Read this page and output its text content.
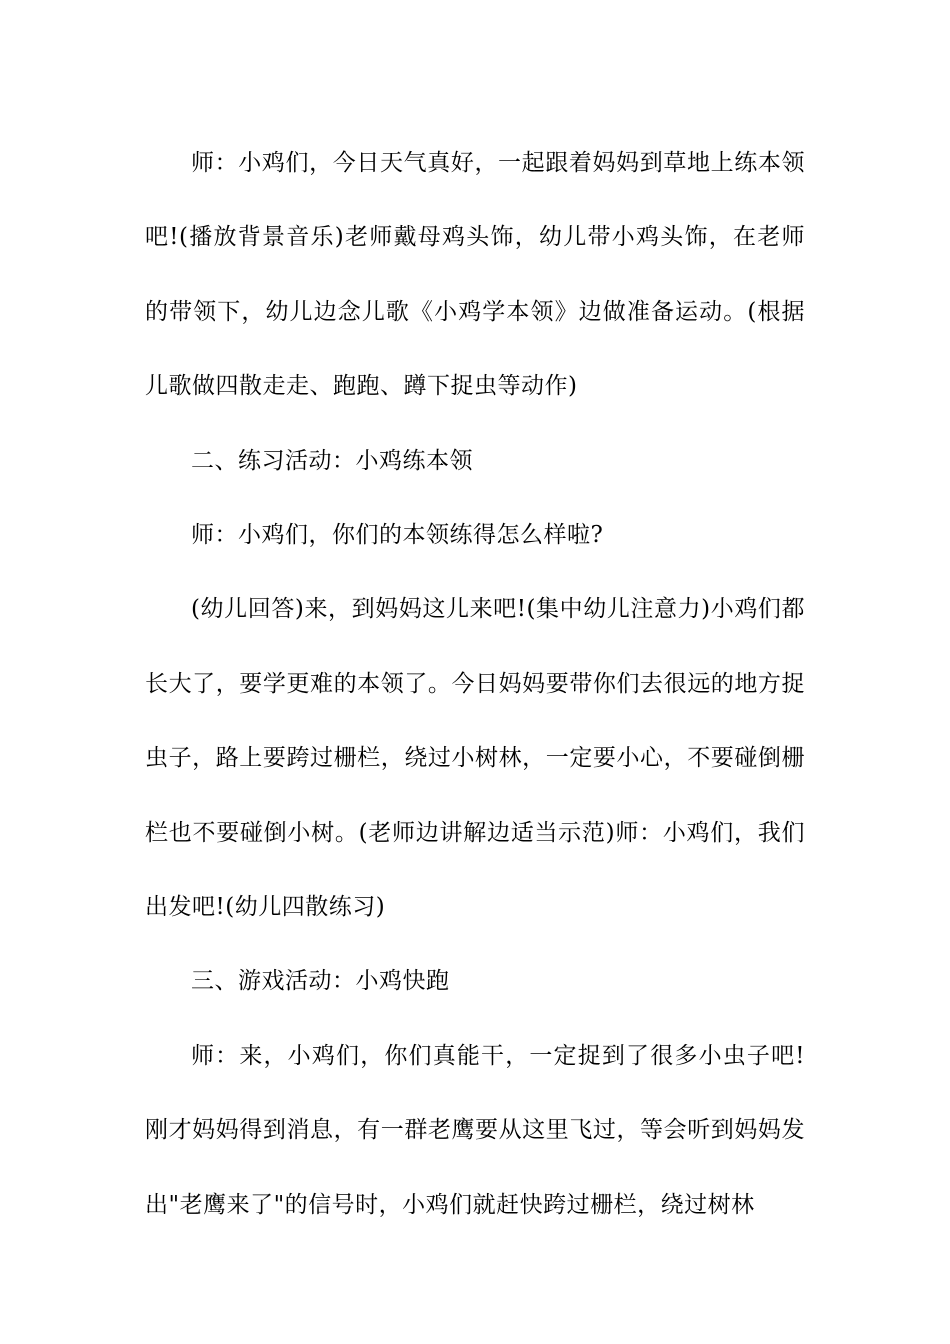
师：小鸡们，今日天气真好，一起跟着妈妈到草地上练本领吧!(播放背景音乐)老师戴母鸡头饰，幼儿带小鸡头饰，在老师的带领下，幼儿边念儿歌《小鸡学本领》边做准备运动。(根据儿歌做四散走走、跑跑、蹲下捉虫等动作)

二、练习活动：小鸡练本领

师：小鸡们，你们的本领练得怎么样啦?

(幼儿回答)来，到妈妈这儿来吧!(集中幼儿注意力)小鸡们都长大了，要学更难的本领了。今日妈妈要带你们去很远的地方捉虫子，路上要跨过栅栏，绕过小树林，一定要小心，不要碰倒栅栏也不要碰倒小树。(老师边讲解边适当示范)师：小鸡们，我们出发吧!(幼儿四散练习)

三、游戏活动：小鸡快跑

师：来，小鸡们，你们真能干，一定捉到了很多小虫子吧!刚才妈妈得到消息，有一群老鹰要从这里飞过，等会听到妈妈发出"老鹰来了"的信号时，小鸡们就赶快跨过栅栏，绕过树林
